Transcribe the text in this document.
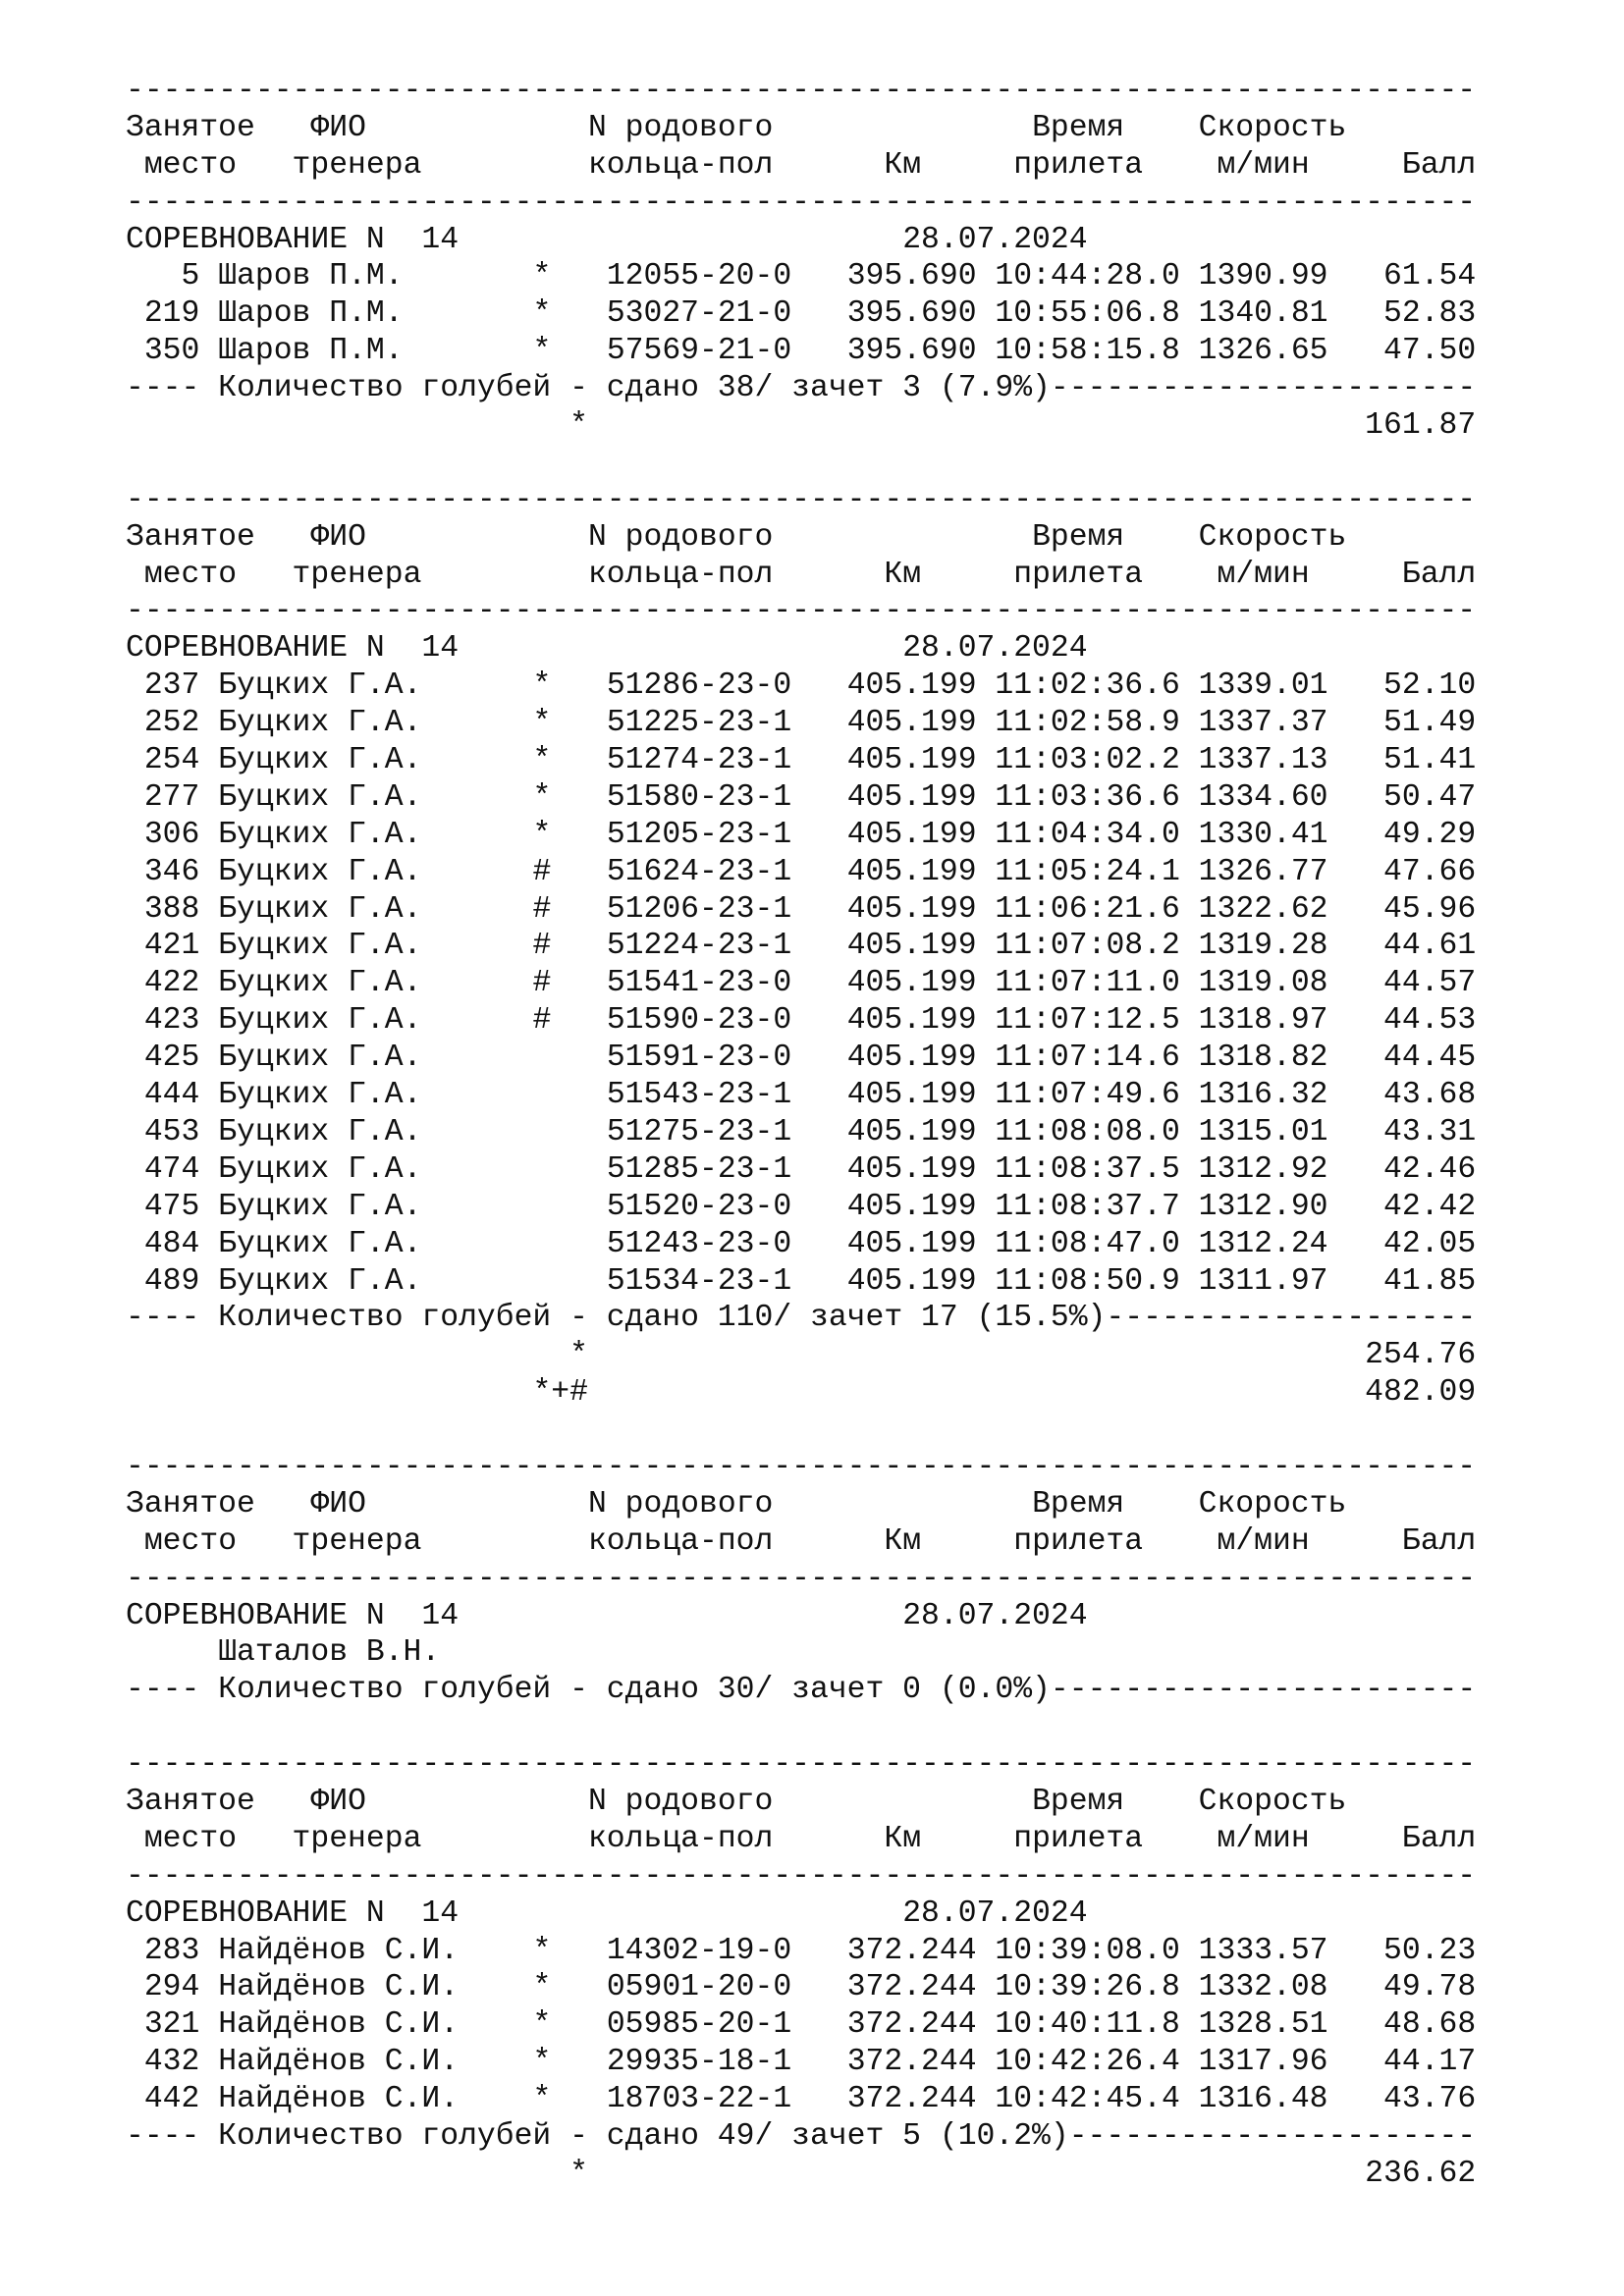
-------------------------------------------------------------------------
Занятое ФИО	N родового	Время Скорость
место тренера	кольца-пол	Км	прилета м/мин	Балл
-------------------------------------------------------------------------
СОРЕВНОВАНИЕ N  14	28.07.2024
5 Шаров П.М.	* 12055-20-0 395.690 10:44:28.0 1390.99 61.54
219 Шаров П.М.	* 53027-21-0 395.690 10:55:06.8 1340.81 52.83
350 Шаров П.М.	* 57569-21-0 395.690 10:58:15.8 1326.65 47.50
---- Количество голубей - сдано 38/ зачет 3 (7.9%)-----------------------
*	161.87
-------------------------------------------------------------------------
Занятое ФИО	N родового	Время Скорость
место тренера	кольца-пол	Км	прилета м/мин	Балл
-------------------------------------------------------------------------
СОРЕВНОВАНИЕ N  14	28.07.2024
237 Буцких Г.А.	* 51286-23-0 405.199 11:02:36.6 1339.01 52.10
252 Буцких Г.А.	* 51225-23-1 405.199 11:02:58.9 1337.37 51.49
254 Буцких Г.А.	* 51274-23-1 405.199 11:03:02.2 1337.13 51.41
277 Буцких Г.А.	* 51580-23-1 405.199 11:03:36.6 1334.60 50.47
306 Буцких Г.А.	* 51205-23-1 405.199 11:04:34.0 1330.41 49.29
346 Буцких Г.А.	# 51624-23-1 405.199 11:05:24.1 1326.77 47.66
388 Буцких Г.А.	# 51206-23-1 405.199 11:06:21.6 1322.62 45.96
421 Буцких Г.А.	# 51224-23-1 405.199 11:07:08.2 1319.28 44.61
422 Буцких Г.А.	# 51541-23-0 405.199 11:07:11.0 1319.08 44.57
423 Буцких Г.А.	# 51590-23-0 405.199 11:07:12.5 1318.97 44.53
425 Буцких Г.А.	51591-23-0 405.199 11:07:14.6 1318.82 44.45
444 Буцких Г.А.	51543-23-1 405.199 11:07:49.6 1316.32 43.68
453 Буцких Г.А.	51275-23-1 405.199 11:08:08.0 1315.01 43.31
474 Буцких Г.А.	51285-23-1 405.199 11:08:37.5 1312.92 42.46
475 Буцких Г.А.	51520-23-0 405.199 11:08:37.7 1312.90 42.42
484 Буцких Г.А.	51243-23-0 405.199 11:08:47.0 1312.24 42.05
489 Буцких Г.А.	51534-23-1 405.199 11:08:50.9 1311.97 41.85
---- Количество голубей - сдано 110/ зачет 17 (15.5%)--------------------
*	254.76
*+#	482.09
-------------------------------------------------------------------------
Занятое ФИО	N родового	Время Скорость
место тренера	кольца-пол	Км	прилета м/мин	Балл
-------------------------------------------------------------------------
СОРЕВНОВАНИЕ N  14	28.07.2024
Шаталов В.Н.
---- Количество голубей - сдано 30/ зачет 0 (0.0%)-----------------------
-------------------------------------------------------------------------
Занятое ФИО	N родового	Время Скорость
место тренера	кольца-пол	Км	прилета м/мин	Балл
-------------------------------------------------------------------------
СОРЕВНОВАНИЕ N  14	28.07.2024
283 Найдёнов С.И. * 14302-19-0 372.244 10:39:08.0 1333.57 50.23
294 Найдёнов С.И. * 05901-20-0 372.244 10:39:26.8 1332.08 49.78
321 Найдёнов С.И. * 05985-20-1 372.244 10:40:11.8 1328.51 48.68
432 Найдёнов С.И. * 29935-18-1 372.244 10:42:26.4 1317.96 44.17
442 Найдёнов С.И. * 18703-22-1 372.244 10:42:45.4 1316.48 43.76
---- Количество голубей - сдано 49/ зачет 5 (10.2%)----------------------
*	236.62
